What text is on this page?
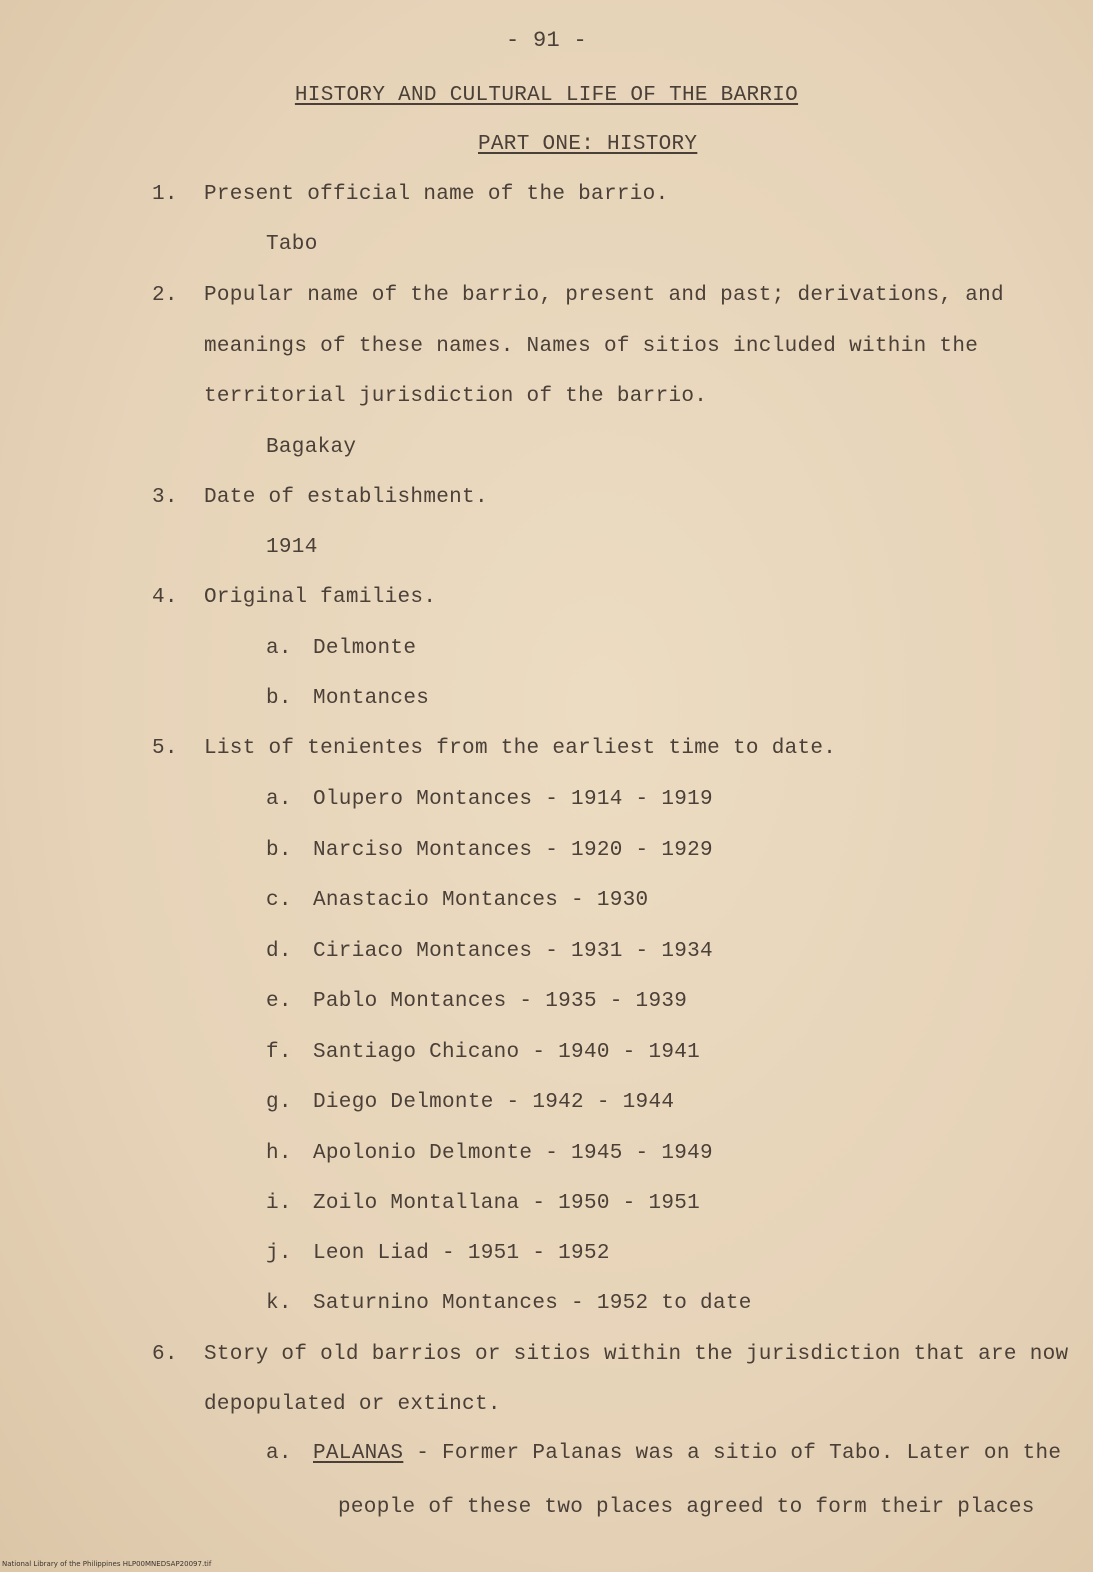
- 91 -
HISTORY AND CULTURAL LIFE OF THE BARRIO
PART ONE: HISTORY
1. Present official name of the barrio.
Tabo
2. Popular name of the barrio, present and past; derivations, and
meanings of these names. Names of sitios included within the
territorial jurisdiction of the barrio.
Bagakay
3. Date of establishment.
1914
4. Original families.
a. Delmonte
b. Montances
5. List of tenientes from the earliest time to date.
a. Olupero Montances - 1914 - 1919
b. Narciso Montances - 1920 - 1929
c. Anastacio Montances - 1930
d. Ciriaco Montances - 1931 - 1934
e. Pablo Montances - 1935 - 1939
f. Santiago Chicano - 1940 - 1941
g. Diego Delmonte - 1942 - 1944
h. Apolonio Delmonte - 1945 - 1949
i. Zoilo Montallana - 1950 - 1951
j. Leon Liad - 1951 - 1952
k. Saturnino Montances - 1952 to date
6. Story of old barrios or sitios within the jurisdiction that are now
depopulated or extinct.
a. PALANAS - Former Palanas was a sitio of Tabo. Later on the
people of these two places agreed to form their places
National Library of the Philippines HLP00MNEDSAP20097.tif
